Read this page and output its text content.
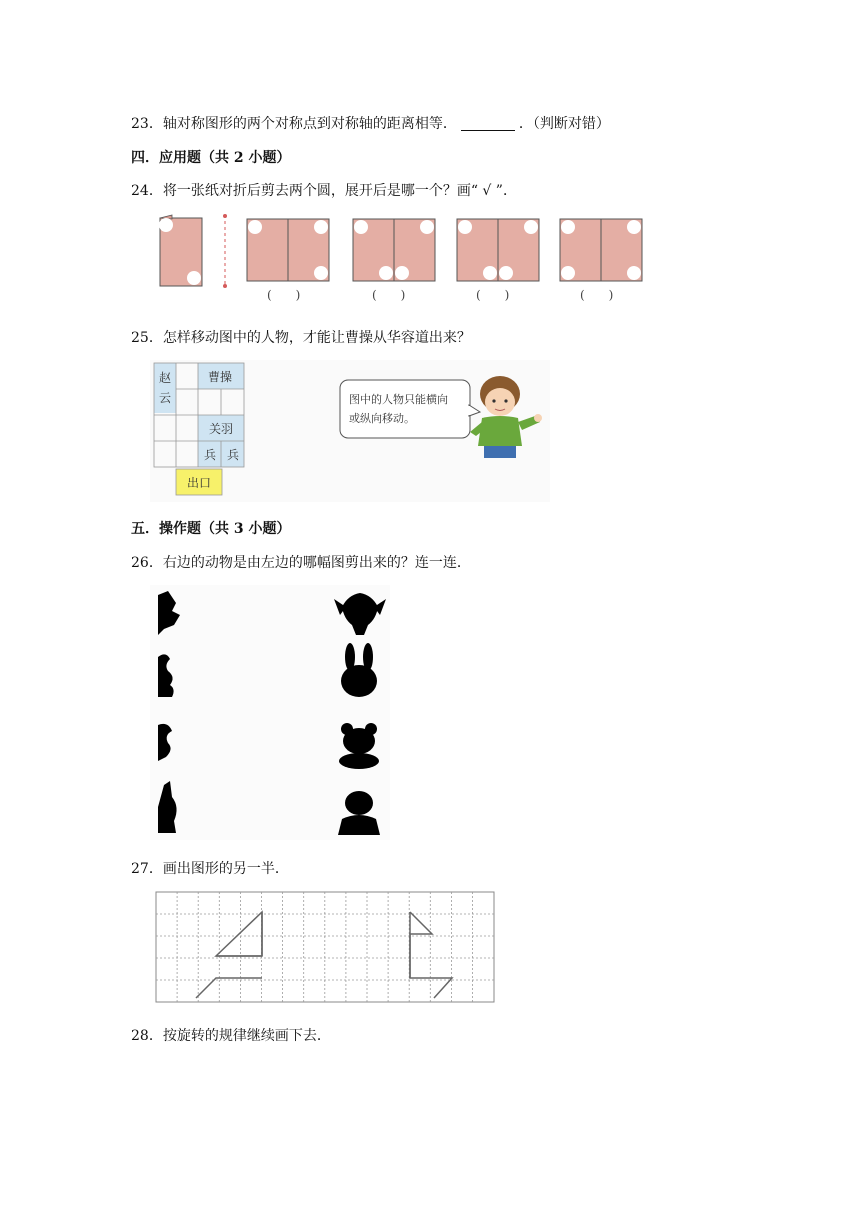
23．轴对称图形的两个对称点到对称轴的距离相等．	．（判断对错）
四．应用题（共 2 小题）
24．将一张纸对折后剪去两个圆，展开后是哪一个？画“ √ ”．
(　　)	(　　)	(　　)	(　　)
25．怎样移动图中的人物，才能让曹操从华容道出来？
曹操
赵
云
关羽
兵 兵
出口
图中的人物只能横向
或纵向移动。
五．操作题（共 3 小题）
26．右边的动物是由左边的哪幅图剪出来的？连一连．
27．画出图形的另一半．
28．按旋转的规律继续画下去．
